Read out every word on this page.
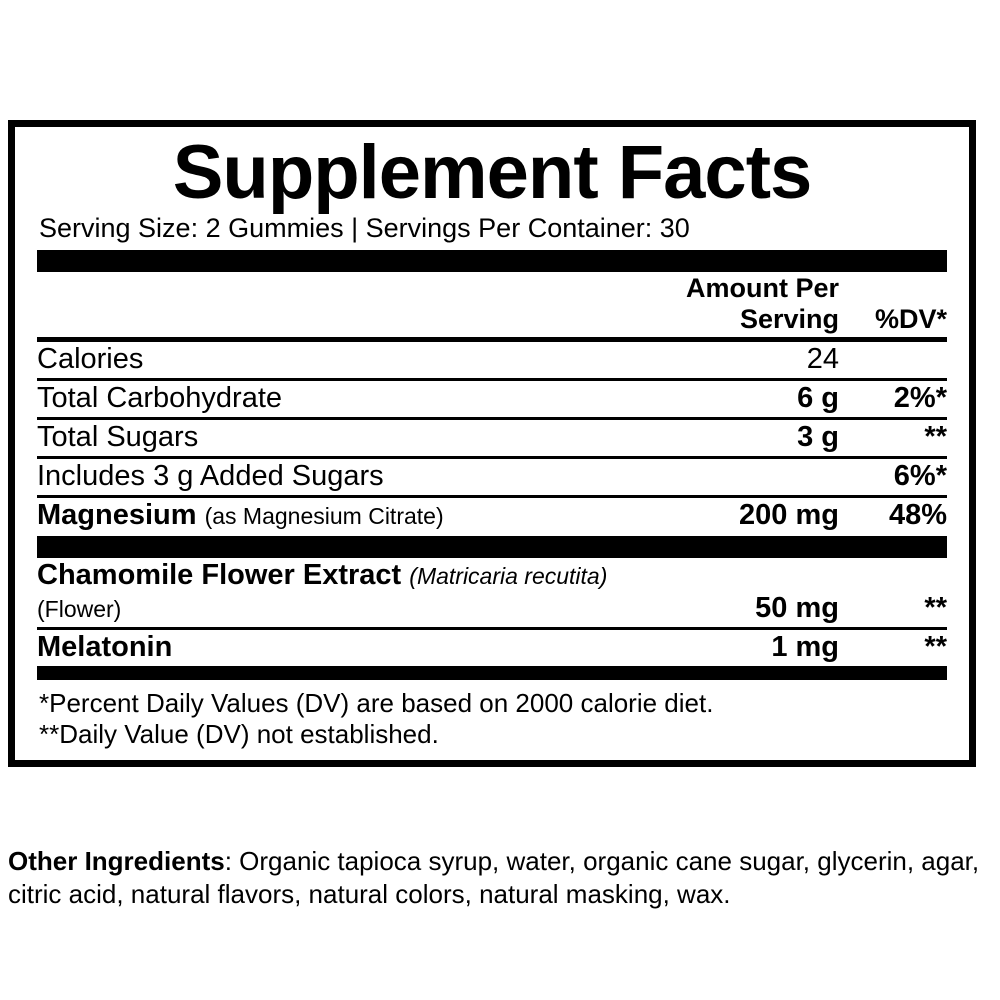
Supplement Facts
Serving Size: 2 Gummies | Servings Per Container: 30
	Amount Per Serving	%DV*
Calories	24	
Total Carbohydrate	6 g	2%*
Total Sugars	3 g	**
Includes 3 g Added Sugars		6%*
Magnesium (as Magnesium Citrate)	200 mg	48%
Chamomile Flower Extract (Matricaria recutita) (Flower)	50 mg	**
Melatonin	1 mg	**
*Percent Daily Values (DV) are based on 2000 calorie diet.
**Daily Value (DV) not established.
Other Ingredients: Organic tapioca syrup, water, organic cane sugar, glycerin, agar, citric acid, natural flavors, natural colors, natural masking, wax.
